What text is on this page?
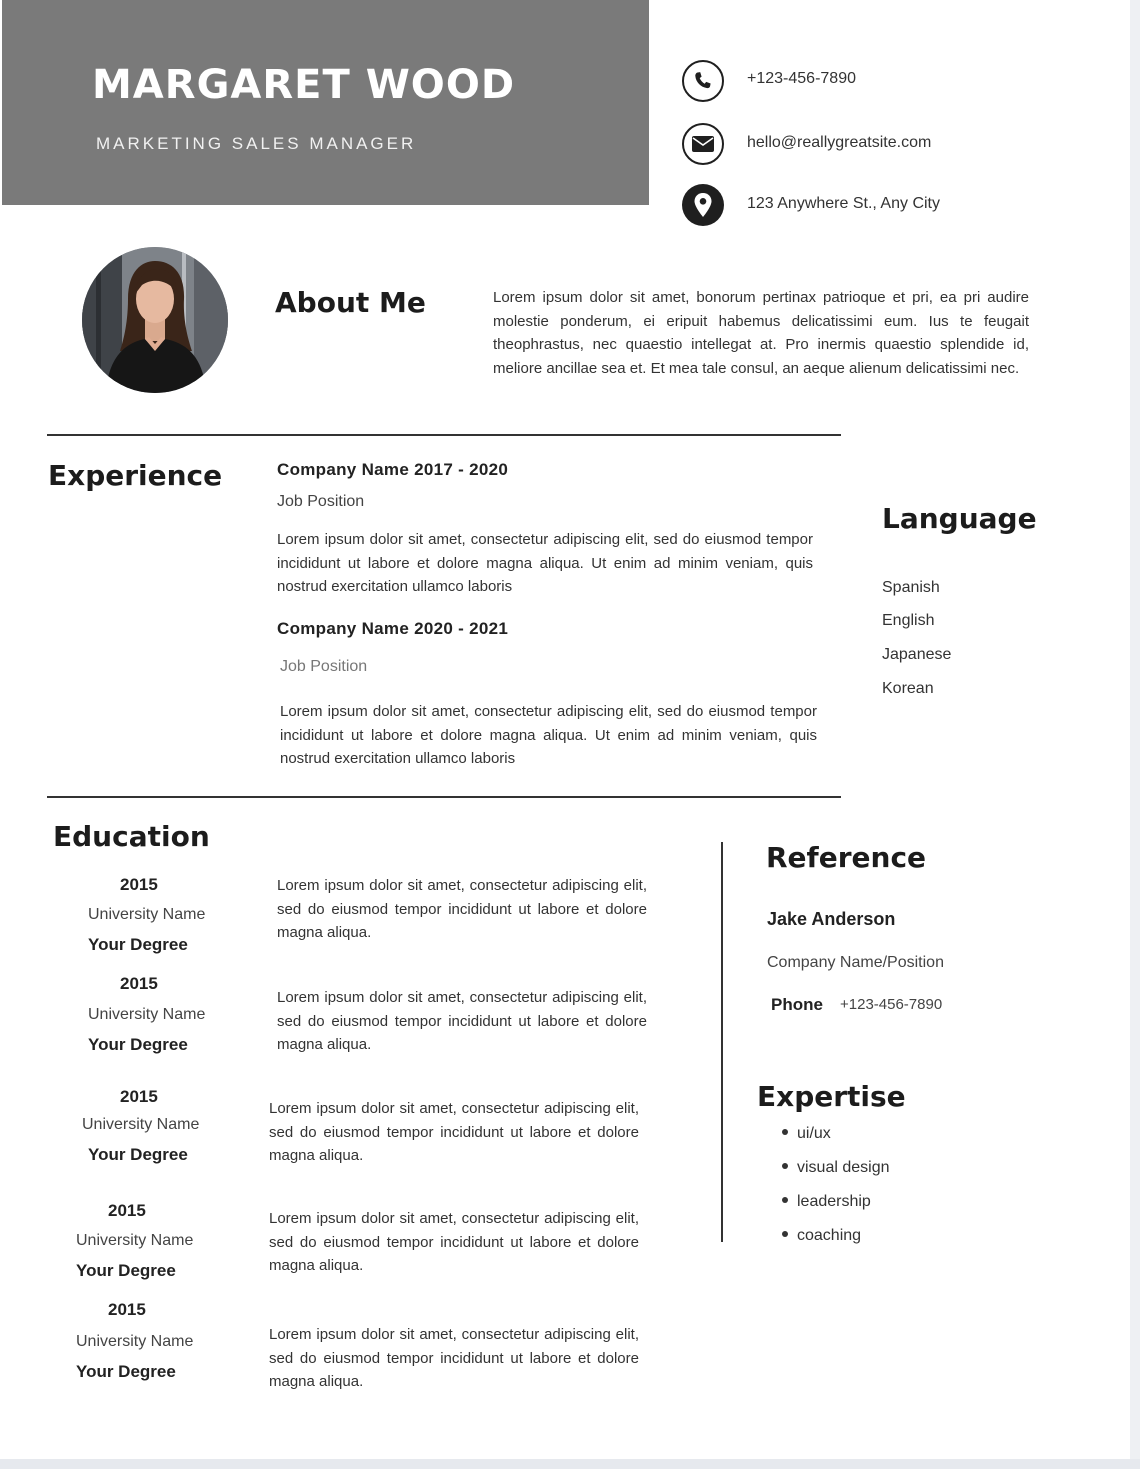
MARGARET WOOD
MARKETING SALES MANAGER
+123-456-7890
hello@reallygreatsite.com
123 Anywhere St., Any City
About Me	Lorem ipsum dolor sit amet, bonorum pertinax patrioque et pri, ea pri audire molestie ponderum, ei eripuit habemus delicatissimi eum. Ius te feugait theophrastus, nec quaestio intellegat at. Pro inermis quaestio splendide id, meliore ancillae sea et. Et mea tale consul, an aeque alienum delicatissimi nec.
Experience	Company Name 2017 - 2020
Job Position
Lorem ipsum dolor sit amet, consectetur adipiscing elit, sed do eiusmod tempor incididunt ut labore et dolore magna aliqua. Ut enim ad minim veniam, quis nostrud exercitation ullamco laboris
Company Name 2020 - 2021
Job Position
Lorem ipsum dolor sit amet, consectetur adipiscing elit, sed do eiusmod tempor incididunt ut labore et dolore magna aliqua. Ut enim ad minim veniam, quis nostrud exercitation ullamco laboris
Language
Spanish
English
Japanese
Korean
Education
2015
University Name
Your Degree
Lorem ipsum dolor sit amet, consectetur adipiscing elit, sed do eiusmod tempor incididunt ut labore et dolore magna aliqua.
2015
University Name
Your Degree
Lorem ipsum dolor sit amet, consectetur adipiscing elit, sed do eiusmod tempor incididunt ut labore et dolore magna aliqua.
2015
University Name
Your Degree
Lorem ipsum dolor sit amet, consectetur adipiscing elit, sed do eiusmod tempor incididunt ut labore et dolore magna aliqua.
2015
University Name
Your Degree
Lorem ipsum dolor sit amet, consectetur adipiscing elit, sed do eiusmod tempor incididunt ut labore et dolore magna aliqua.
2015
University Name
Your Degree
Lorem ipsum dolor sit amet, consectetur adipiscing elit, sed do eiusmod tempor incididunt ut labore et dolore magna aliqua.
Reference
Jake Anderson
Company Name/Position
Phone +123-456-7890
Expertise
ui/ux
visual design
leadership
coaching
